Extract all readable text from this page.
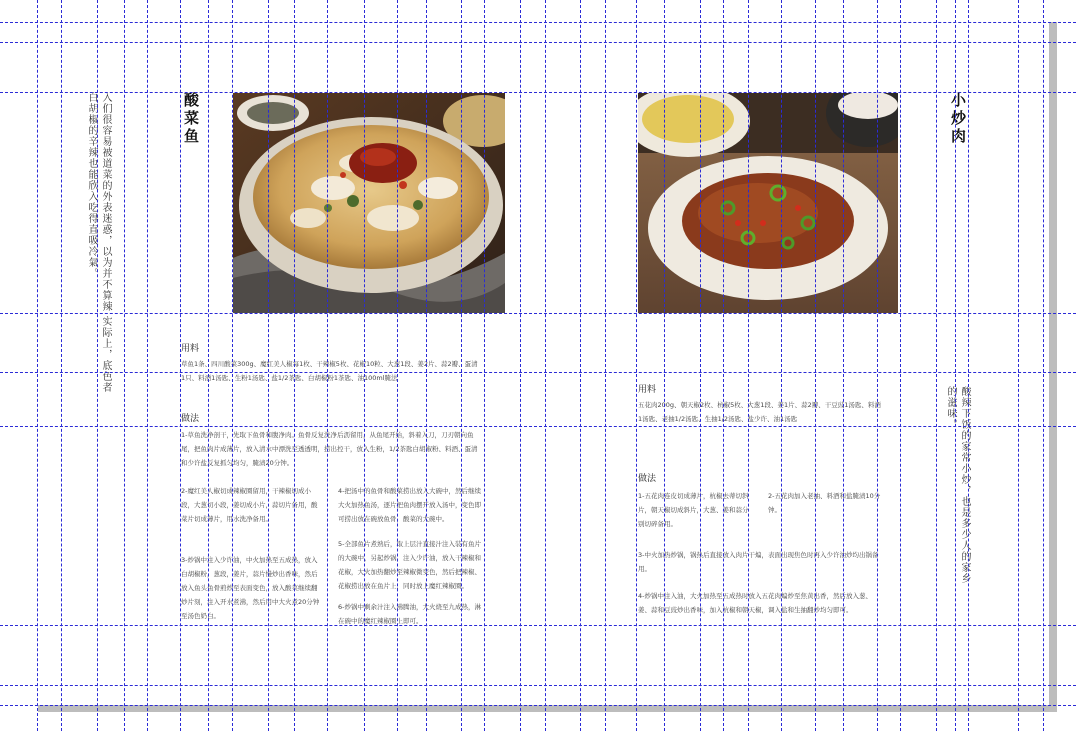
入们很容易被道菜的外表迷惑，以为并不算辣
实际上，底色者
白胡椒的辛辣也能欣入吃得直吸冷氣。	酸菜鱼
用料
草鱼1条、四川酸菜300g、魔红美人椒每1枚、干辣椒5枚、花椒10粒、大葱1段、姜2片、蒜2瓣、蛋清1只、料酒1汤匙、生粉1汤匙、盐1/2茶匙、白胡椒粉1茶匙、油100ml腌法
做法
1-草鱼洗净剖干，先取下鱼骨和腹净肉。鱼骨反复洗净后沥留用，从鱼尾开始，斜着入刀，刀刃朝向鱼尾，把鱼肉片成薄片，放入清水中漂洗至透透明，捞出控干，放入生粉，1/2茶匙白胡椒粉、料酒、蛋清和少许盐反复抓匀均匀，腌渍20分钟。
2-魔红美人椒切成辣椒圈留用，干辣椒切成小段，大葱切小段，姜切成小片，蒜切片备用，酸菜片切成薄片，用水洗净备用。
3-炒锅中注入少许油，中火加热至五成热，放入白胡椒粉，葱段，姜片，蒜片慢炒出香味，然后放入鱼头鱼骨煎炒至表面变色，放入酸菜继续翻炒片刻，注入开水煮沸，然后用中大火煮20分钟至汤色奶白。
4-把汤中的鱼骨和酸菜捞出放入大碗中，然后继续大火加热鱼汤，逐片把鱼肉摆开放入汤中，变色即可捞出放在碗放鱼骨，酸菜的大碗中。
5-全部鱼片煮熟后，取上层汁直接汁注入装有鱼片的大碗中，另起炒锅，注入少许油，放入干辣椒和花椒，大火加热翻炒至辣椒微变色，然后把辣椒、花椒捞出放在鱼片上，同时放上魔红辣椒圈。
6-炒锅中剩余汁注入沸腾油，大火烧至九成热，淋在碗中的魔红辣椒圈上即可。
小炒肉
酸辣下饭的家常小炒，也是多少人的家乡
的滋味。
用料
五花肉200g、朝天椒2枚、杭椒5枚、大葱1段、姜1片、蒜2瓣、干豆豉1汤匙、料酒1汤匙、老抽1/2汤匙、生抽1/2汤匙、盐少许、油1汤匙
做法
1-五花肉连皮切成薄片，杭椒去蒂切斜片，朝天椒切成斜片，大葱、姜和蒜分别切碎备用。
2-五花肉加入老抽、料酒和盐腌渍10分钟。
3-中火加热炒锅，锅热后直接放入肉片干煸，表面出现焦色时再入少许油炒均出锅备用。
4-炒锅中注入油，大火加热至五成热时放入五花肉煸炒至焦黄出香，然后放入葱、姜、蒜和豆豉炒出香味，加入杭椒和朝天椒，调入盐和生抽翻炒均匀即可。
